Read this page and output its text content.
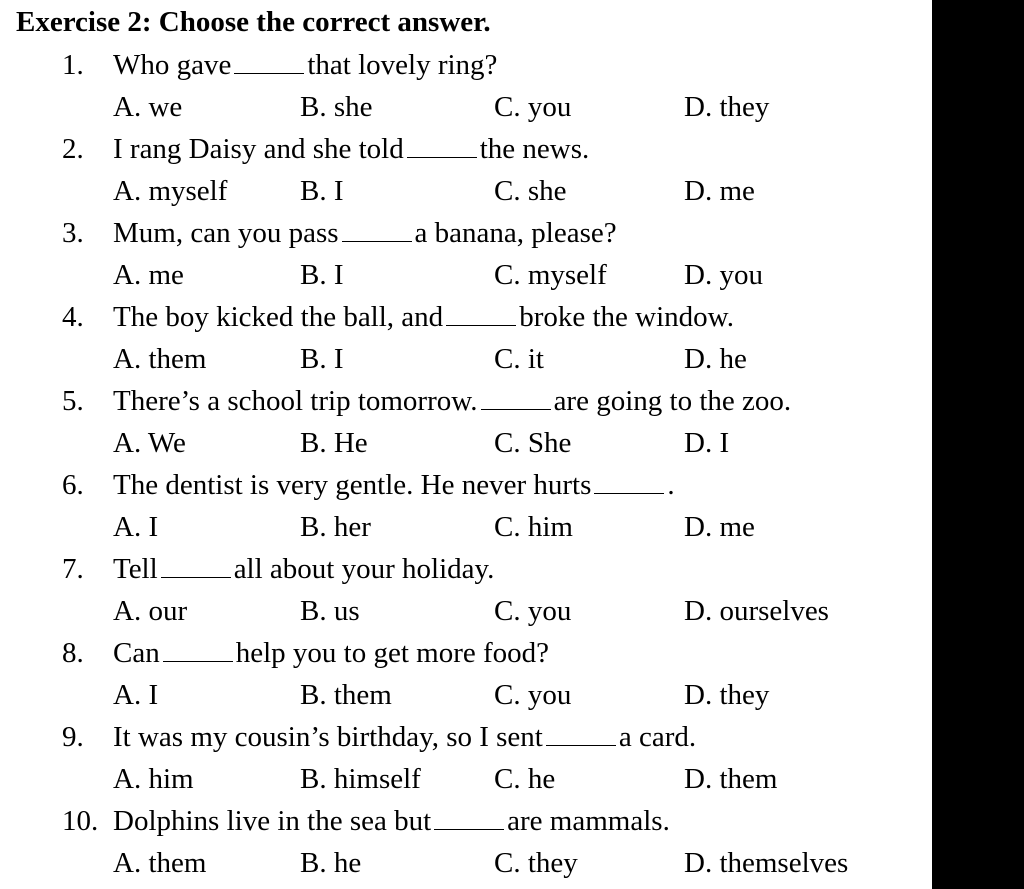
Exercise 2: Choose the correct answer.
1. Who gave	that lovely ring?
A. we	B. she	C. you	D. they
2. I rang Daisy and she told	the news.
A. myself	B. I	C. she	D. me
3. Mum, can you pass	a banana, please?
A. me	B. I	C. myself	D. you
4. The boy kicked the ball, and	broke the window.
A. them	B. I	C. it	D. he
5. There’s a school trip tomorrow.	are going to the zoo.
A. We	B. He	C. She	D. I
6. The dentist is very gentle. He never hurts	.
A. I	B. her	C. him	D. me
7. Tell	all about your holiday.
A. our	B. us	C. you	D. ourselves
8. Can	help you to get more food?
A. I	B. them	C. you	D. they
9. It was my cousin’s birthday, so I sent	a card.
A. him	B. himself	C. he	D. them
10. Dolphins live in the sea but	are mammals.
A. them	B. he	C. they	D. themselves
